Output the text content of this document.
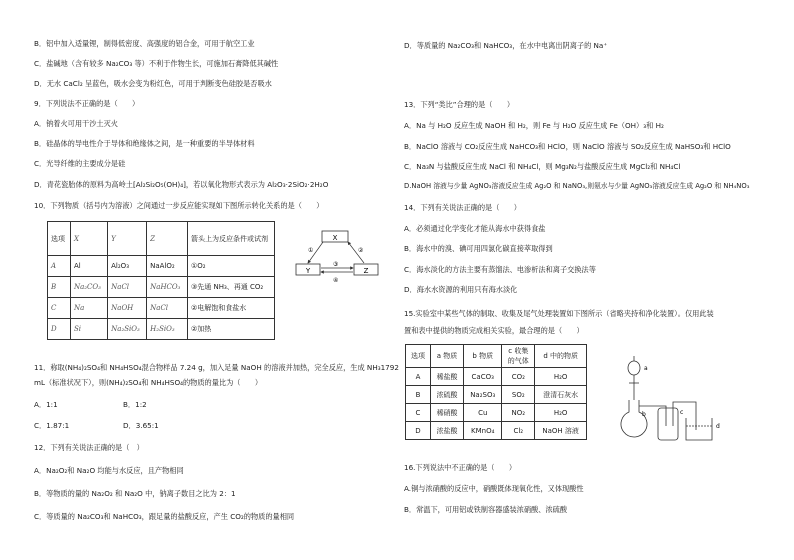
B．铝中加入适量锂，制得低密度、高强度的铝合金，可用于航空工业
C．盐碱地（含有较多 Na₂CO₃ 等）不利于作物生长，可施加石膏降低其碱性
D．无水 CaCl₂ 呈蓝色，吸水会变为粉红色，可用于判断变色硅胶是否吸水
9．下列说法不正确的是（　　）
A．钠着火可用干沙土灭火
B．硅晶体的导电性介于导体和绝缘体之间，是一种重要的半导体材料
C．光导纤维的主要成分是硅
D．青花瓷胎体的原料为高岭土[Al₂Si₂O₅(OH)₄]，若以氧化物形式表示为 Al₂O₃·2SiO₂·2H₂O
10．下列物质（括号内为溶液）之间通过一步反应能实现如下图所示转化关系的是（　　）
选项	X	Y	Z	箭头上为反应条件或试剂
A	Al	Al₂O₃	NaAlO₂	①O₂
B	Na₂CO₃	NaCl	NaHCO₃	③先通 NH₃、再通 CO₂
C	Na	NaOH	NaCl	②电解饱和食盐水
D	Si	Na₂SiO₃	H₂SiO₃	②加热
X
Y	Z
①	②
③
④
11．称取(NH₄)₂SO₄和 NH₄HSO₄混合物样品 7.24 g，加入足量 NaOH 的溶液并加热，完全反应，生成 NH₃1792
mL（标准状况下），则(NH₄)₂SO₄和 NH₄HSO₄的物质的量比为（　　）
A．1:1	B．1:2
C．1.87:1	D．3.65:1
12．下列有关说法正确的是（　）
A．Na₂O₂和 Na₂O 均能与水反应，且产物相同
B．等物质的量的 Na₂O₂ 和 Na₂O 中，钠离子数目之比为 2：1
C．等质量的 Na₂CO₃和 NaHCO₃，跟足量的盐酸反应，产生 CO₂的物质的量相同
D．等质量的 Na₂CO₃和 NaHCO₃，在水中电离出阴离子的 Na⁺
13．下列“类比”合理的是（　　）
A．Na 与 H₂O 反应生成 NaOH 和 H₂，则 Fe 与 H₂O 反应生成 Fe（OH）₃和 H₂
B．NaClO 溶液与 CO₂反应生成 NaHCO₃和 HClO，则 NaClO 溶液与 SO₂反应生成 NaHSO₃和 HClO
C．Na₃N 与盐酸反应生成 NaCl 和 NH₄Cl，则 Mg₃N₂与盐酸反应生成 MgCl₂和 NH₄Cl
D.NaOH 溶液与少量 AgNO₃溶液反应生成 Ag₂O 和 NaNO₃,则氨水与少量 AgNO₃溶液反应生成 Ag₂O 和 NH₄NO₃
14．下列有关说法正确的是（　　）
A．必须通过化学变化才能从海水中获得食盐
B．海水中的溴、碘可用四氯化碳直接萃取得到
C．海水淡化的方法主要有蒸馏法、电渗析法和离子交换法等
D．海水水资源的利用只有海水淡化
15.实验室中某些气体的制取、收集及尾气处理装置如下图所示（省略夹持和净化装置）。仅用此装
置和表中提供的物质完成相关实验，最合理的是（　　）
选项	a 物质	b 物质	c 收集的气体	d 中的物质
A	稀盐酸	CaCO₃	CO₂	H₂O
B	浓硫酸	Na₂SO₃	SO₂	澄清石灰水
C	稀硝酸	Cu	NO₂	H₂O
D	浓盐酸	KMnO₄	Cl₂	NaOH 溶液
a
b	c
d
16.下列说法中不正确的是（　　）
A.铜与浓硝酸的反应中，硝酸既体现氧化性，又体现酸性
B．常温下，可用铝或铁制容器盛装浓硝酸、浓硫酸
